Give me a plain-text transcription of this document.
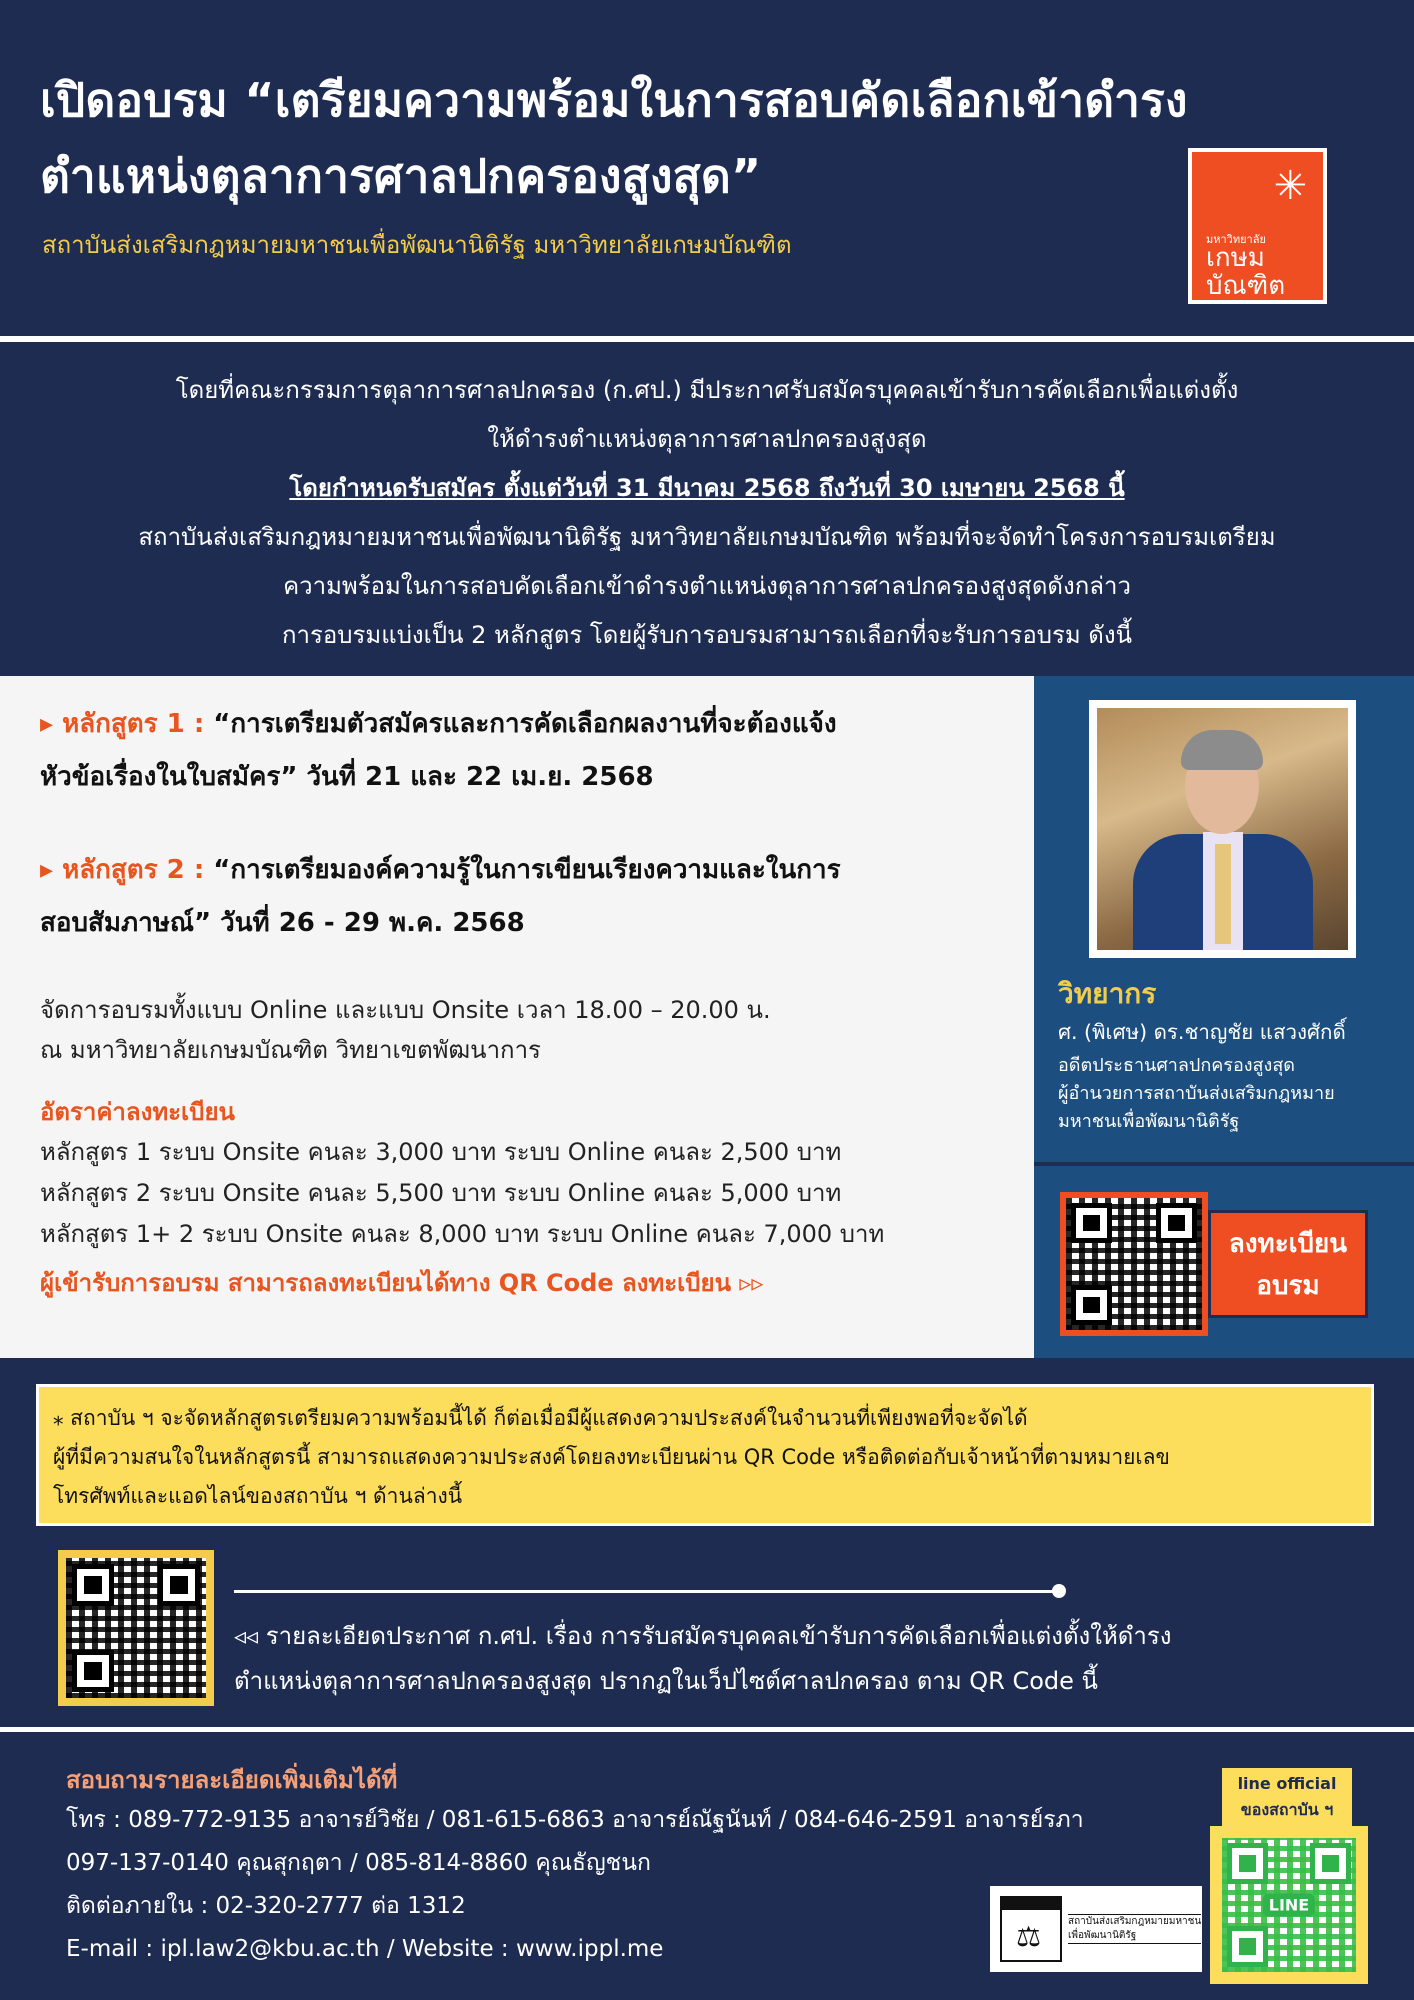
เปิดอบรม “เตรียมความพร้อมในการสอบคัดเลือกเข้าดำรง
ตำแหน่งตุลาการศาลปกครองสูงสุด”
สถาบันส่งเสริมกฎหมายมหาชนเพื่อพัฒนานิติรัฐ มหาวิทยาลัยเกษมบัณฑิต
✳
มหาวิทยาลัย
เกษม
บัณฑิต

โดยที่คณะกรรมการตุลาการศาลปกครอง (ก.ศป.) มีประกาศรับสมัครบุคคลเข้ารับการคัดเลือกเพื่อแต่งตั้ง

ให้ดำรงตำแหน่งตุลาการศาลปกครองสูงสุด

โดยกำหนดรับสมัคร ตั้งแต่วันที่ 31 มีนาคม 2568 ถึงวันที่ 30 เมษายน 2568 นี้

สถาบันส่งเสริมกฎหมายมหาชนเพื่อพัฒนานิติรัฐ มหาวิทยาลัยเกษมบัณฑิต พร้อมที่จะจัดทำโครงการอบรมเตรียม

ความพร้อมในการสอบคัดเลือกเข้าดำรงตำแหน่งตุลาการศาลปกครองสูงสุดดังกล่าว

การอบรมแบ่งเป็น 2 หลักสูตร โดยผู้รับการอบรมสามารถเลือกที่จะรับการอบรม ดังนี้

▸ หลักสูตร 1 : “การเตรียมตัวสมัครและการคัดเลือกผลงานที่จะต้องแจ้ง
หัวข้อเรื่องในใบสมัคร” วันที่ 21 และ 22 เม.ย. 2568
▸ หลักสูตร 2 : “การเตรียมองค์ความรู้ในการเขียนเรียงความและในการ
สอบสัมภาษณ์” วันที่ 26 - 29 พ.ค. 2568
จัดการอบรมทั้งแบบ Online และแบบ Onsite เวลา 18.00 – 20.00 น.
ณ มหาวิทยาลัยเกษมบัณฑิต วิทยาเขตพัฒนาการ
อัตราค่าลงทะเบียน
หลักสูตร 1 ระบบ Onsite คนละ 3,000 บาท ระบบ Online คนละ 2,500 บาท
หลักสูตร 2 ระบบ Onsite คนละ 5,500 บาท ระบบ Online คนละ 5,000 บาท
หลักสูตร 1+ 2 ระบบ Onsite คนละ 8,000 บาท ระบบ Online คนละ 7,000 บาท
ผู้เข้ารับการอบรม สามารถลงทะเบียนได้ทาง QR Code ลงทะเบียน ▹▹
วิทยากร
ศ. (พิเศษ) ดร.ชาญชัย แสวงศักดิ์
อดีตประธานศาลปกครองสูงสุด
ผู้อำนวยการสถาบันส่งเสริมกฎหมาย
มหาชนเพื่อพัฒนานิติรัฐ
ลงทะเบียน
อบรม
⁎ สถาบัน ฯ จะจัดหลักสูตรเตรียมความพร้อมนี้ได้ ก็ต่อเมื่อมีผู้แสดงความประสงค์ในจำนวนที่เพียงพอที่จะจัดได้
ผู้ที่มีความสนใจในหลักสูตรนี้ สามารถแสดงความประสงค์โดยลงทะเบียนผ่าน QR Code หรือติดต่อกับเจ้าหน้าที่ตามหมายเลข
โทรศัพท์และแอดไลน์ของสถาบัน ฯ ด้านล่างนี้
◃◃ รายละเอียดประกาศ ก.ศป. เรื่อง การรับสมัครบุคคลเข้ารับการคัดเลือกเพื่อแต่งตั้งให้ดำรง
ตำแหน่งตุลาการศาลปกครองสูงสุด ปรากฏในเว็ปไซต์ศาลปกครอง ตาม QR Code นี้
สอบถามรายละเอียดเพิ่มเติมได้ที่
โทร : 089-772-9135 อาจารย์วิชัย / 081-615-6863 อาจารย์ณัฐนันท์ / 084-646-2591 อาจารย์รภา
097-137-0140 คุณสุกฤตา / 085-814-8860 คุณธัญชนก
ติดต่อภายใน : 02-320-2777 ต่อ 1312
E-mail : ipl.law2@kbu.ac.th / Website : www.ippl.me
⚖
สถาบันส่งเสริมกฎหมายมหาชน
เพื่อพัฒนานิติรัฐ
line official
ของสถาบัน ฯ
LINE
